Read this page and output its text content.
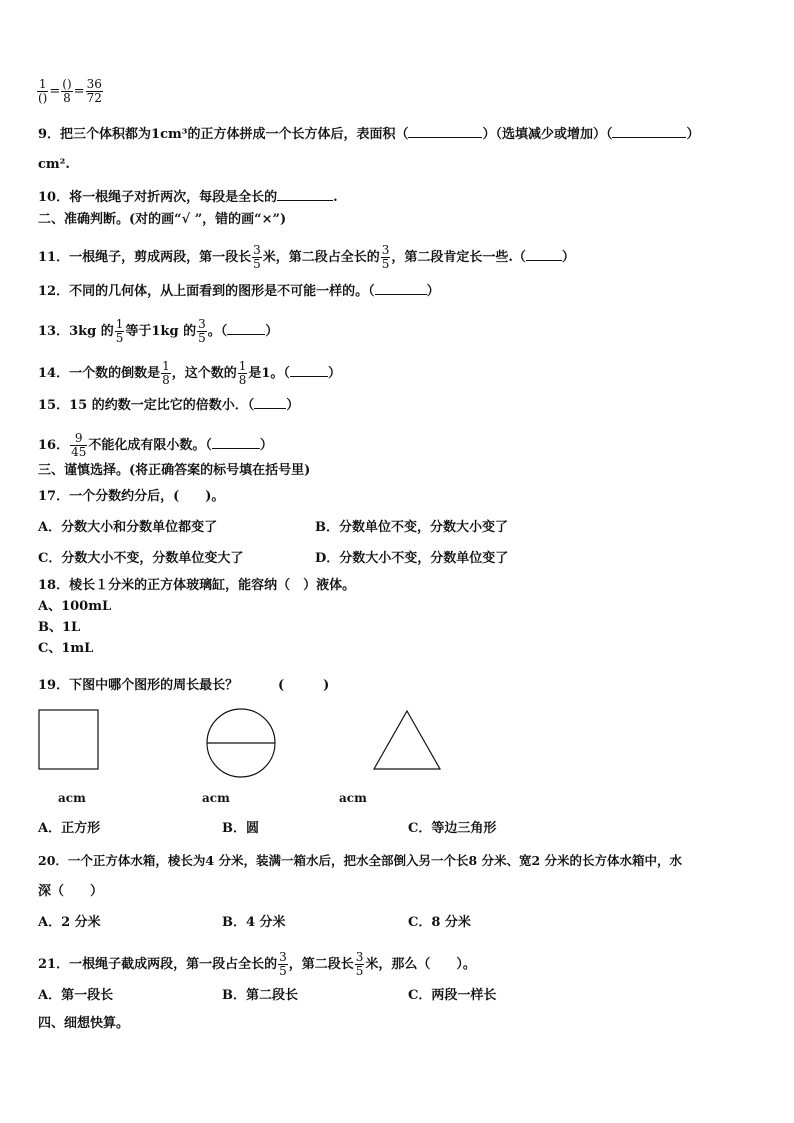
$\frac{1}{()} = \frac{()}{8} = \frac{36}{72}$
9．把三个体积都为1cm³的正方体拼成一个长方体后，表面积（	）（选填减少或增加）（	）
cm².
10．将一根绳子对折两次，每段是全长的	.
二、准确判断。(对的画“√ ”，错的画“×”)
11．一根绳子，剪成两段，第一段长 $\frac{3}{5}$ 米，第二段占全长的 $\frac{3}{5}$ ，第二段肯定长一些.（	）
12．不同的几何体，从上面看到的图形是不可能一样的。（	）
13．3kg 的 $\frac{1}{5}$ 等于1kg 的 $\frac{3}{5}$ 。（	）
14．一个数的倒数是 $\frac{1}{8}$ ，这个数的 $\frac{1}{8}$ 是1。（	）
15．15 的约数一定比它的倍数小．（ ）
16． $\frac{9}{45}$ 不能化成有限小数。（	）
三、谨慎选择。(将正确答案的标号填在括号里)
17．一个分数约分后，(　　)。
A．分数大小和分数单位都变了	B．分数单位不变，分数大小变了
C．分数大小不变，分数单位变大了	D．分数大小不变，分数单位变了
18．棱长１分米的正方体玻璃缸，能容纳（　）液体。
A、100mL
B、1L
C、1mL
19．下图中哪个图形的周长最长？	(　　　)
acm	acm	acm
A．正方形	B．圆	C．等边三角形
20．一个正方体水箱，棱长为4 分米，装满一箱水后，把水全部倒入另一个长8 分米、宽2 分米的长方体水箱中，水
深（　　）
A．2 分米	B．4 分米	C．8 分米
21．一根绳子截成两段，第一段占全长的 $\frac{3}{5}$ ，第二段长 $\frac{3}{5}$ 米，那么（　　）。
A．第一段长	B．第二段长	C．两段一样长
四、细想快算。
